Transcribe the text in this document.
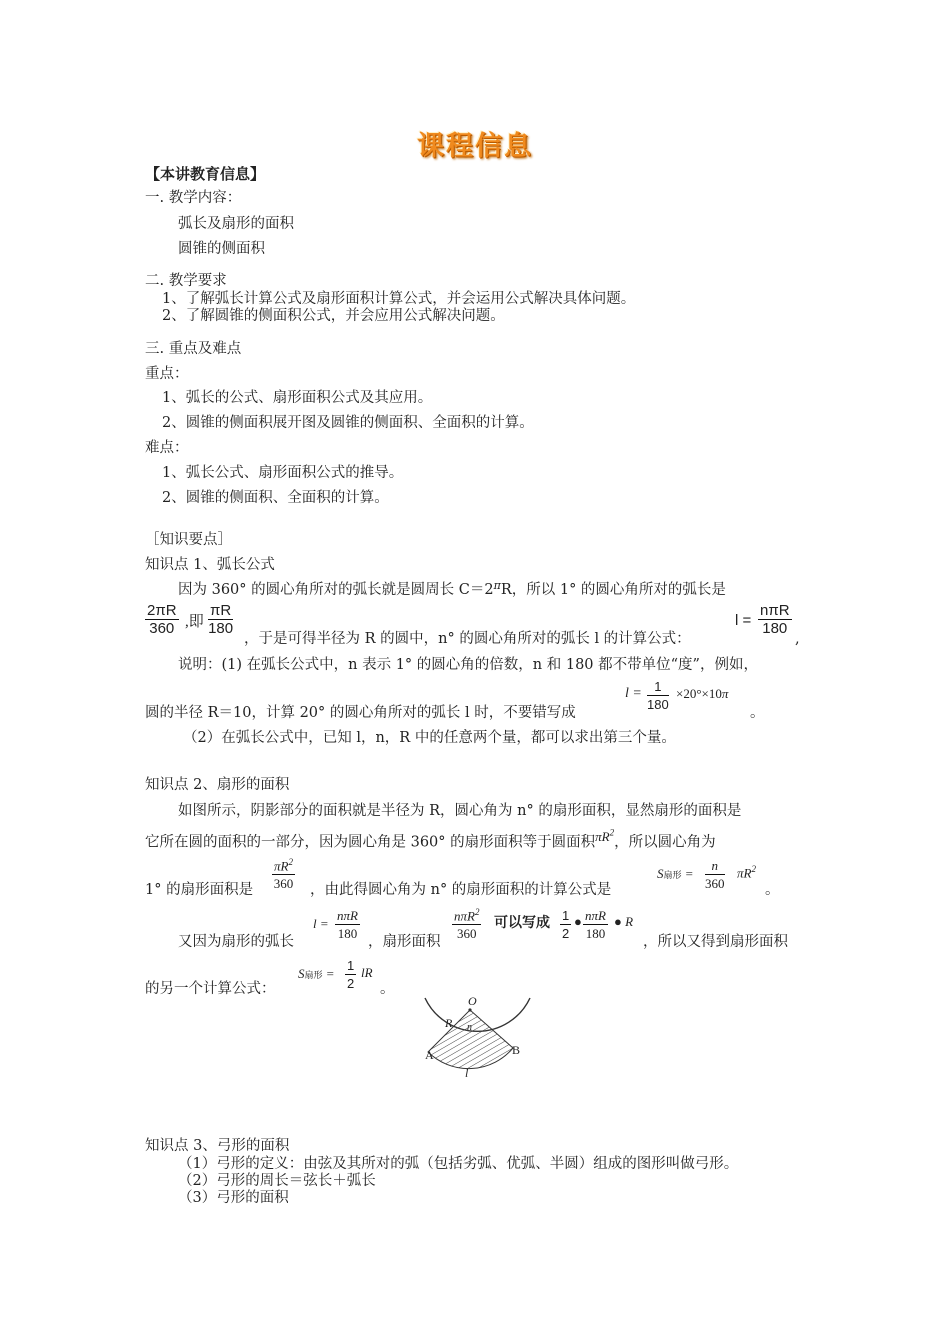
课程信息
【本讲教育信息】
一. 教学内容：
弧长及扇形的面积
圆锥的侧面积
二. 教学要求
1、了解弧长计算公式及扇形面积计算公式，并会运用公式解决具体问题。
2、了解圆锥的侧面积公式，并会应用公式解决问题。
三. 重点及难点
重点：
1、弧长的公式、扇形面积公式及其应用。
2、圆锥的侧面积展开图及圆锥的侧面积、全面积的计算。
难点：
1、弧长公式、扇形面积公式的推导。
2、圆锥的侧面积、全面积的计算。
［知识要点］
知识点 1、弧长公式
因为 360° 的圆心角所对的弧长就是圆周长 $C=2^\pi R$，所以 1° 的圆心角所对的弧长是
$\frac{2\pi R}{360}$ ,即 $\frac{\pi R}{180}$
，于是可得半径为 R 的圆中，n° 的圆心角所对的弧长 l 的计算公式：
l =
nπR
180
,
说明：(1) 在弧长公式中，n 表示 1° 的圆心角的倍数，n 和 180 都不带单位“度”，例如，
圆的半径 R＝10，计算 20° 的圆心角所对的弧长 l 时，不要错写成
$l = \frac{1}{180} \times 20^\circ\times 10\pi$
。
（2）在弧长公式中，已知 l，n，R 中的任意两个量，都可以求出第三个量。
知识点 2、扇形的面积
如图所示，阴影部分的面积就是半径为 R，圆心角为 n° 的扇形面积，显然扇形的面积是
它所在圆的面积的一部分，因为圆心角是 360° 的扇形面积等于圆面积$\pi R^2$，所以圆心角为
1° 的扇形面积是 $\frac{\pi R^2}{360}$ ，由此得圆心角为 n° 的扇形面积的计算公式是
S扇形 = $\frac{n}{360} \pi R^2$
。
又因为扇形的弧长
l =
nπR
180
，扇形面积
nπR$^2$
360
可以写成 $\frac{1}{2}$ ● nπR
180
● R
，所以又得到扇形面积
的另一个计算公式：
S扇形 = $\frac{1}{2}$ lR
。
O
R n
A	B
l
知识点 3、弓形的面积
（1）弓形的定义：由弦及其所对的弧（包括劣弧、优弧、半圆）组成的图形叫做弓形。
（2）弓形的周长＝弦长＋弧长
（3）弓形的面积
